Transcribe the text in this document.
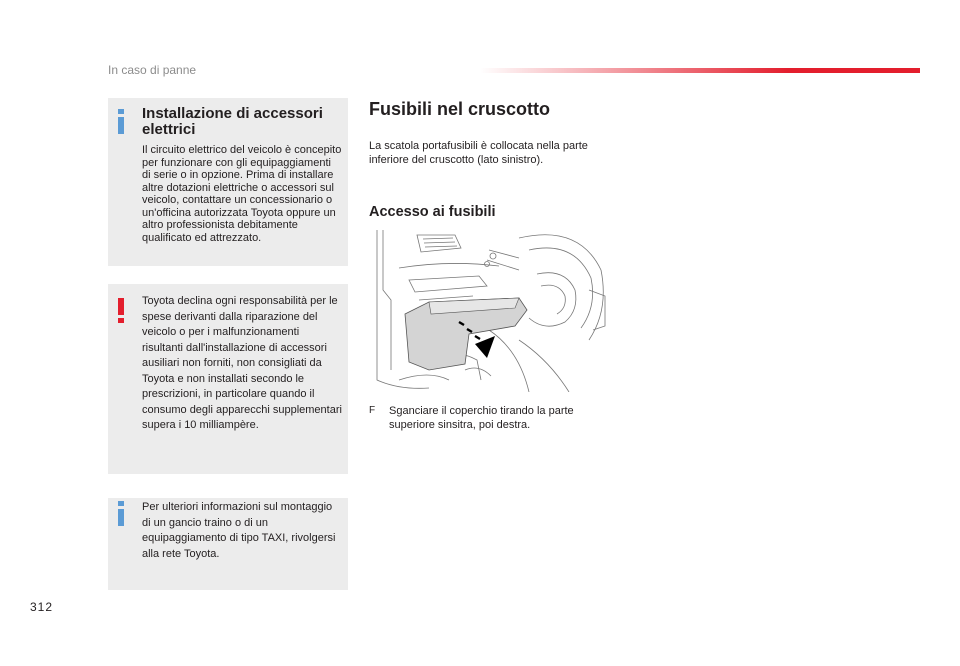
In caso di panne
Installazione di accessori elettrici
Il circuito elettrico del veicolo è concepito per funzionare con gli equipaggiamenti di serie o in opzione. Prima di installare altre dotazioni elettriche o accessori sul veicolo, contattare un concessionario o un'officina autorizzata Toyota oppure un altro professionista debitamente qualificato ed attrezzato.
Toyota declina ogni responsabilità per le spese derivanti dalla riparazione del veicolo o per i malfunzionamenti risultanti dall'installazione di accessori ausiliari non forniti, non consigliati da Toyota e non installati secondo le prescrizioni, in particolare quando il consumo degli apparecchi supplementari supera i 10 milliampère.
Per ulteriori informazioni sul montaggio di un gancio traino o di un equipaggiamento di tipo TAXI, rivolgersi alla rete Toyota.
Fusibili nel cruscotto
La scatola portafusibili è collocata nella parte inferiore del cruscotto (lato sinistro).
Accesso ai fusibili
F	Sganciare il coperchio tirando la parte superiore sinsitra, poi destra.
312
